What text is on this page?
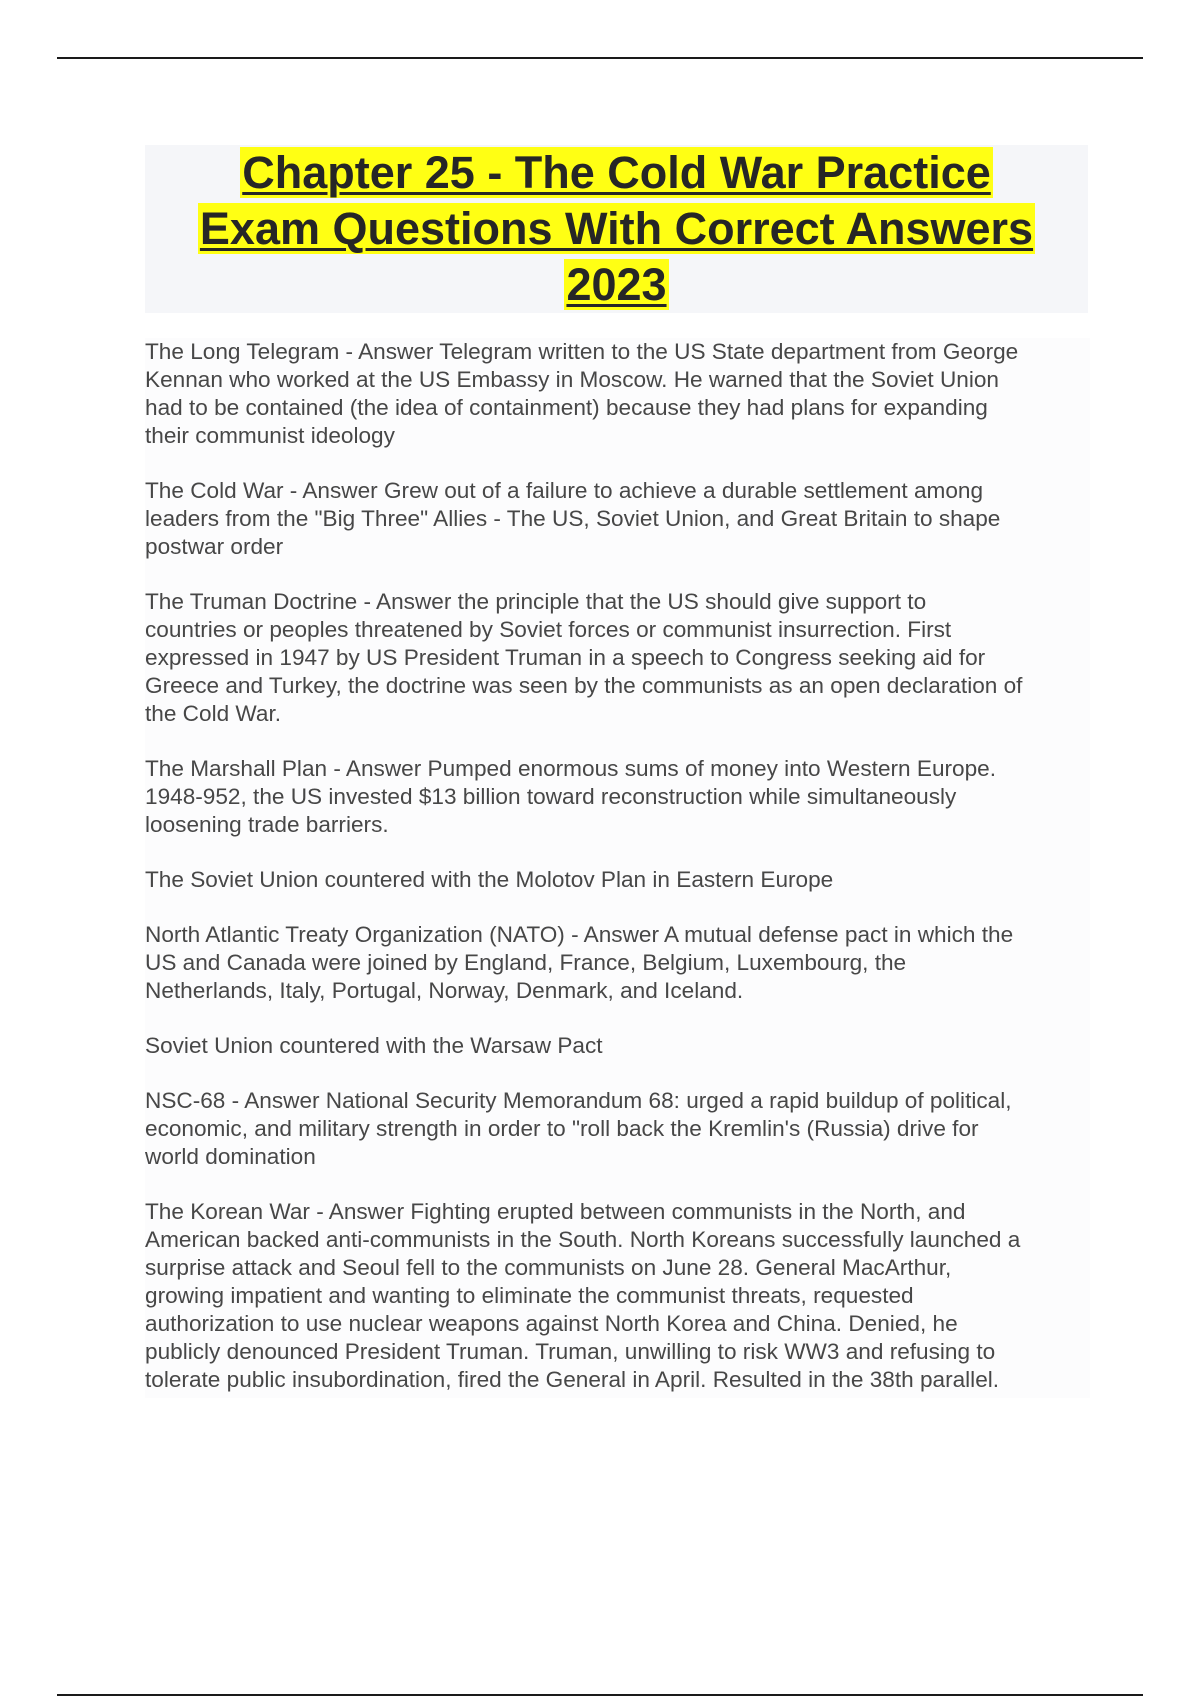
Chapter 25 - The Cold War Practice
Exam Questions With Correct Answers
2023

The Long Telegram - Answer Telegram written to the US State department from George
Kennan who worked at the US Embassy in Moscow. He warned that the Soviet Union
had to be contained (the idea of containment) because they had plans for expanding
their communist ideology

The Cold War - Answer Grew out of a failure to achieve a durable settlement among
leaders from the "Big Three" Allies - The US, Soviet Union, and Great Britain to shape
postwar order

The Truman Doctrine - Answer the principle that the US should give support to
countries or peoples threatened by Soviet forces or communist insurrection. First
expressed in 1947 by US President Truman in a speech to Congress seeking aid for
Greece and Turkey, the doctrine was seen by the communists as an open declaration of
the Cold War.

The Marshall Plan - Answer Pumped enormous sums of money into Western Europe.
1948-952, the US invested $13 billion toward reconstruction while simultaneously
loosening trade barriers.

The Soviet Union countered with the Molotov Plan in Eastern Europe

North Atlantic Treaty Organization (NATO) - Answer A mutual defense pact in which the
US and Canada were joined by England, France, Belgium, Luxembourg, the
Netherlands, Italy, Portugal, Norway, Denmark, and Iceland.

Soviet Union countered with the Warsaw Pact

NSC-68 - Answer National Security Memorandum 68: urged a rapid buildup of political,
economic, and military strength in order to "roll back the Kremlin's (Russia) drive for
world domination

The Korean War - Answer Fighting erupted between communists in the North, and
American backed anti-communists in the South. North Koreans successfully launched a
surprise attack and Seoul fell to the communists on June 28. General MacArthur,
growing impatient and wanting to eliminate the communist threats, requested
authorization to use nuclear weapons against North Korea and China. Denied, he
publicly denounced President Truman. Truman, unwilling to risk WW3 and refusing to
tolerate public insubordination, fired the General in April. Resulted in the 38th parallel.
